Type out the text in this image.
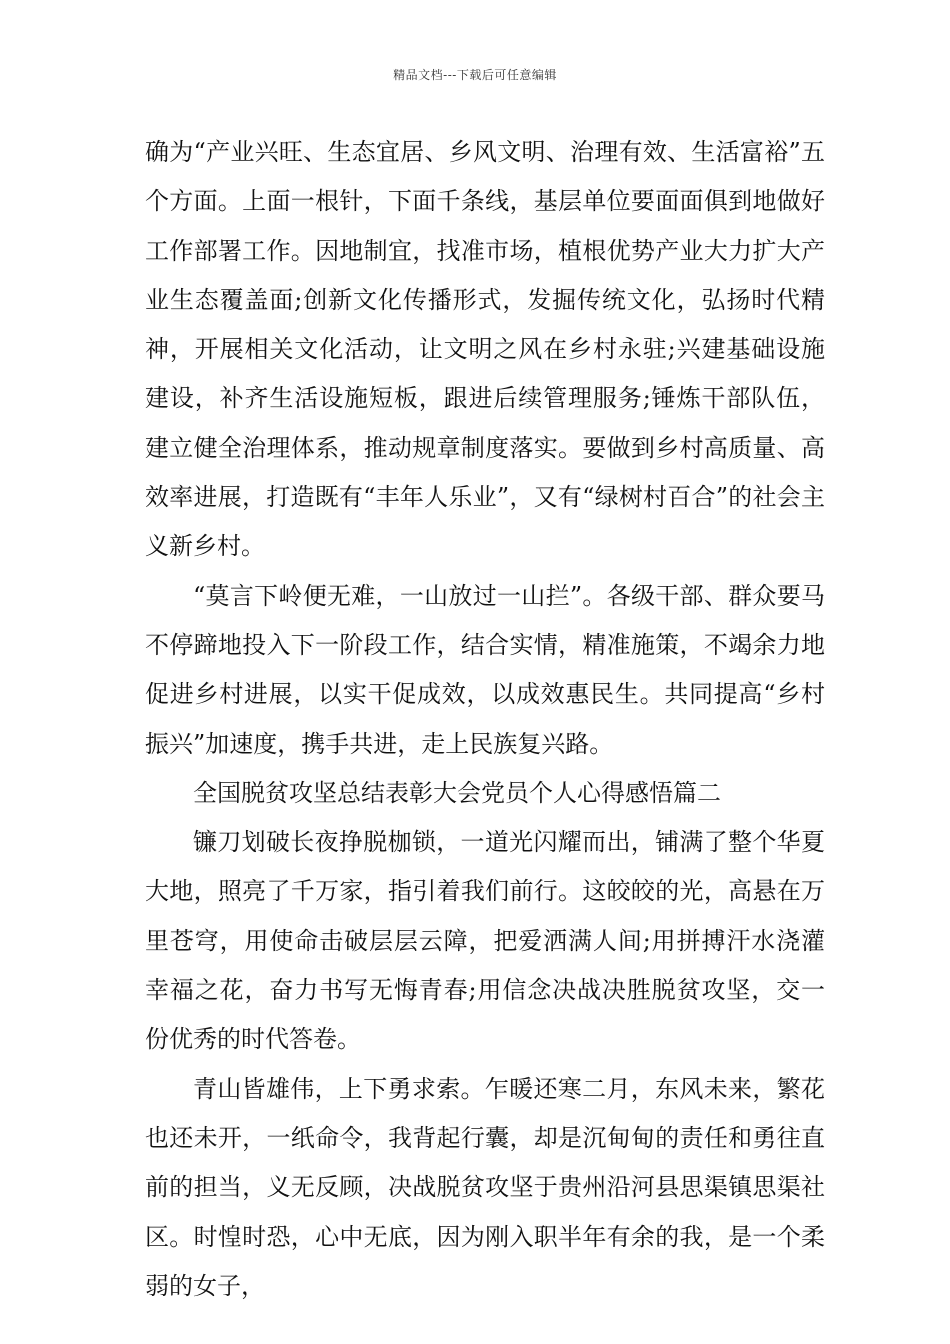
精品文档---下载后可任意编辑

确为“产业兴旺、生态宜居、乡风文明、治理有效、生活富裕”五个方面。上面一根针，下面千条线，基层单位要面面俱到地做好工作部署工作。因地制宜，找准市场，植根优势产业大力扩大产业生态覆盖面;创新文化传播形式，发掘传统文化，弘扬时代精神，开展相关文化活动，让文明之风在乡村永驻;兴建基础设施建设，补齐生活设施短板，跟进后续管理服务;锤炼干部队伍，建立健全治理体系，推动规章制度落实。要做到乡村高质量、高效率进展，打造既有“丰年人乐业”，又有“绿树村百合”的社会主义新乡村。

“莫言下岭便无难，一山放过一山拦”。各级干部、群众要马不停蹄地投入下一阶段工作，结合实情，精准施策，不竭余力地促进乡村进展，以实干促成效，以成效惠民生。共同提高“乡村振兴”加速度，携手共进，走上民族复兴路。

全国脱贫攻坚总结表彰大会党员个人心得感悟篇二

镰刀划破长夜挣脱枷锁，一道光闪耀而出，铺满了整个华夏大地，照亮了千万家，指引着我们前行。这皎皎的光，高悬在万里苍穹，用使命击破层层云障，把爱洒满人间;用拼搏汗水浇灌幸福之花，奋力书写无悔青春;用信念决战决胜脱贫攻坚，交一份优秀的时代答卷。

青山皆雄伟，上下勇求索。乍暖还寒二月，东风未来，繁花也还未开，一纸命令，我背起行囊，却是沉甸甸的责任和勇往直前的担当，义无反顾，决战脱贫攻坚于贵州沿河县思渠镇思渠社区。时惶时恐，心中无底，因为刚入职半年有余的我，是一个柔弱的女子，
